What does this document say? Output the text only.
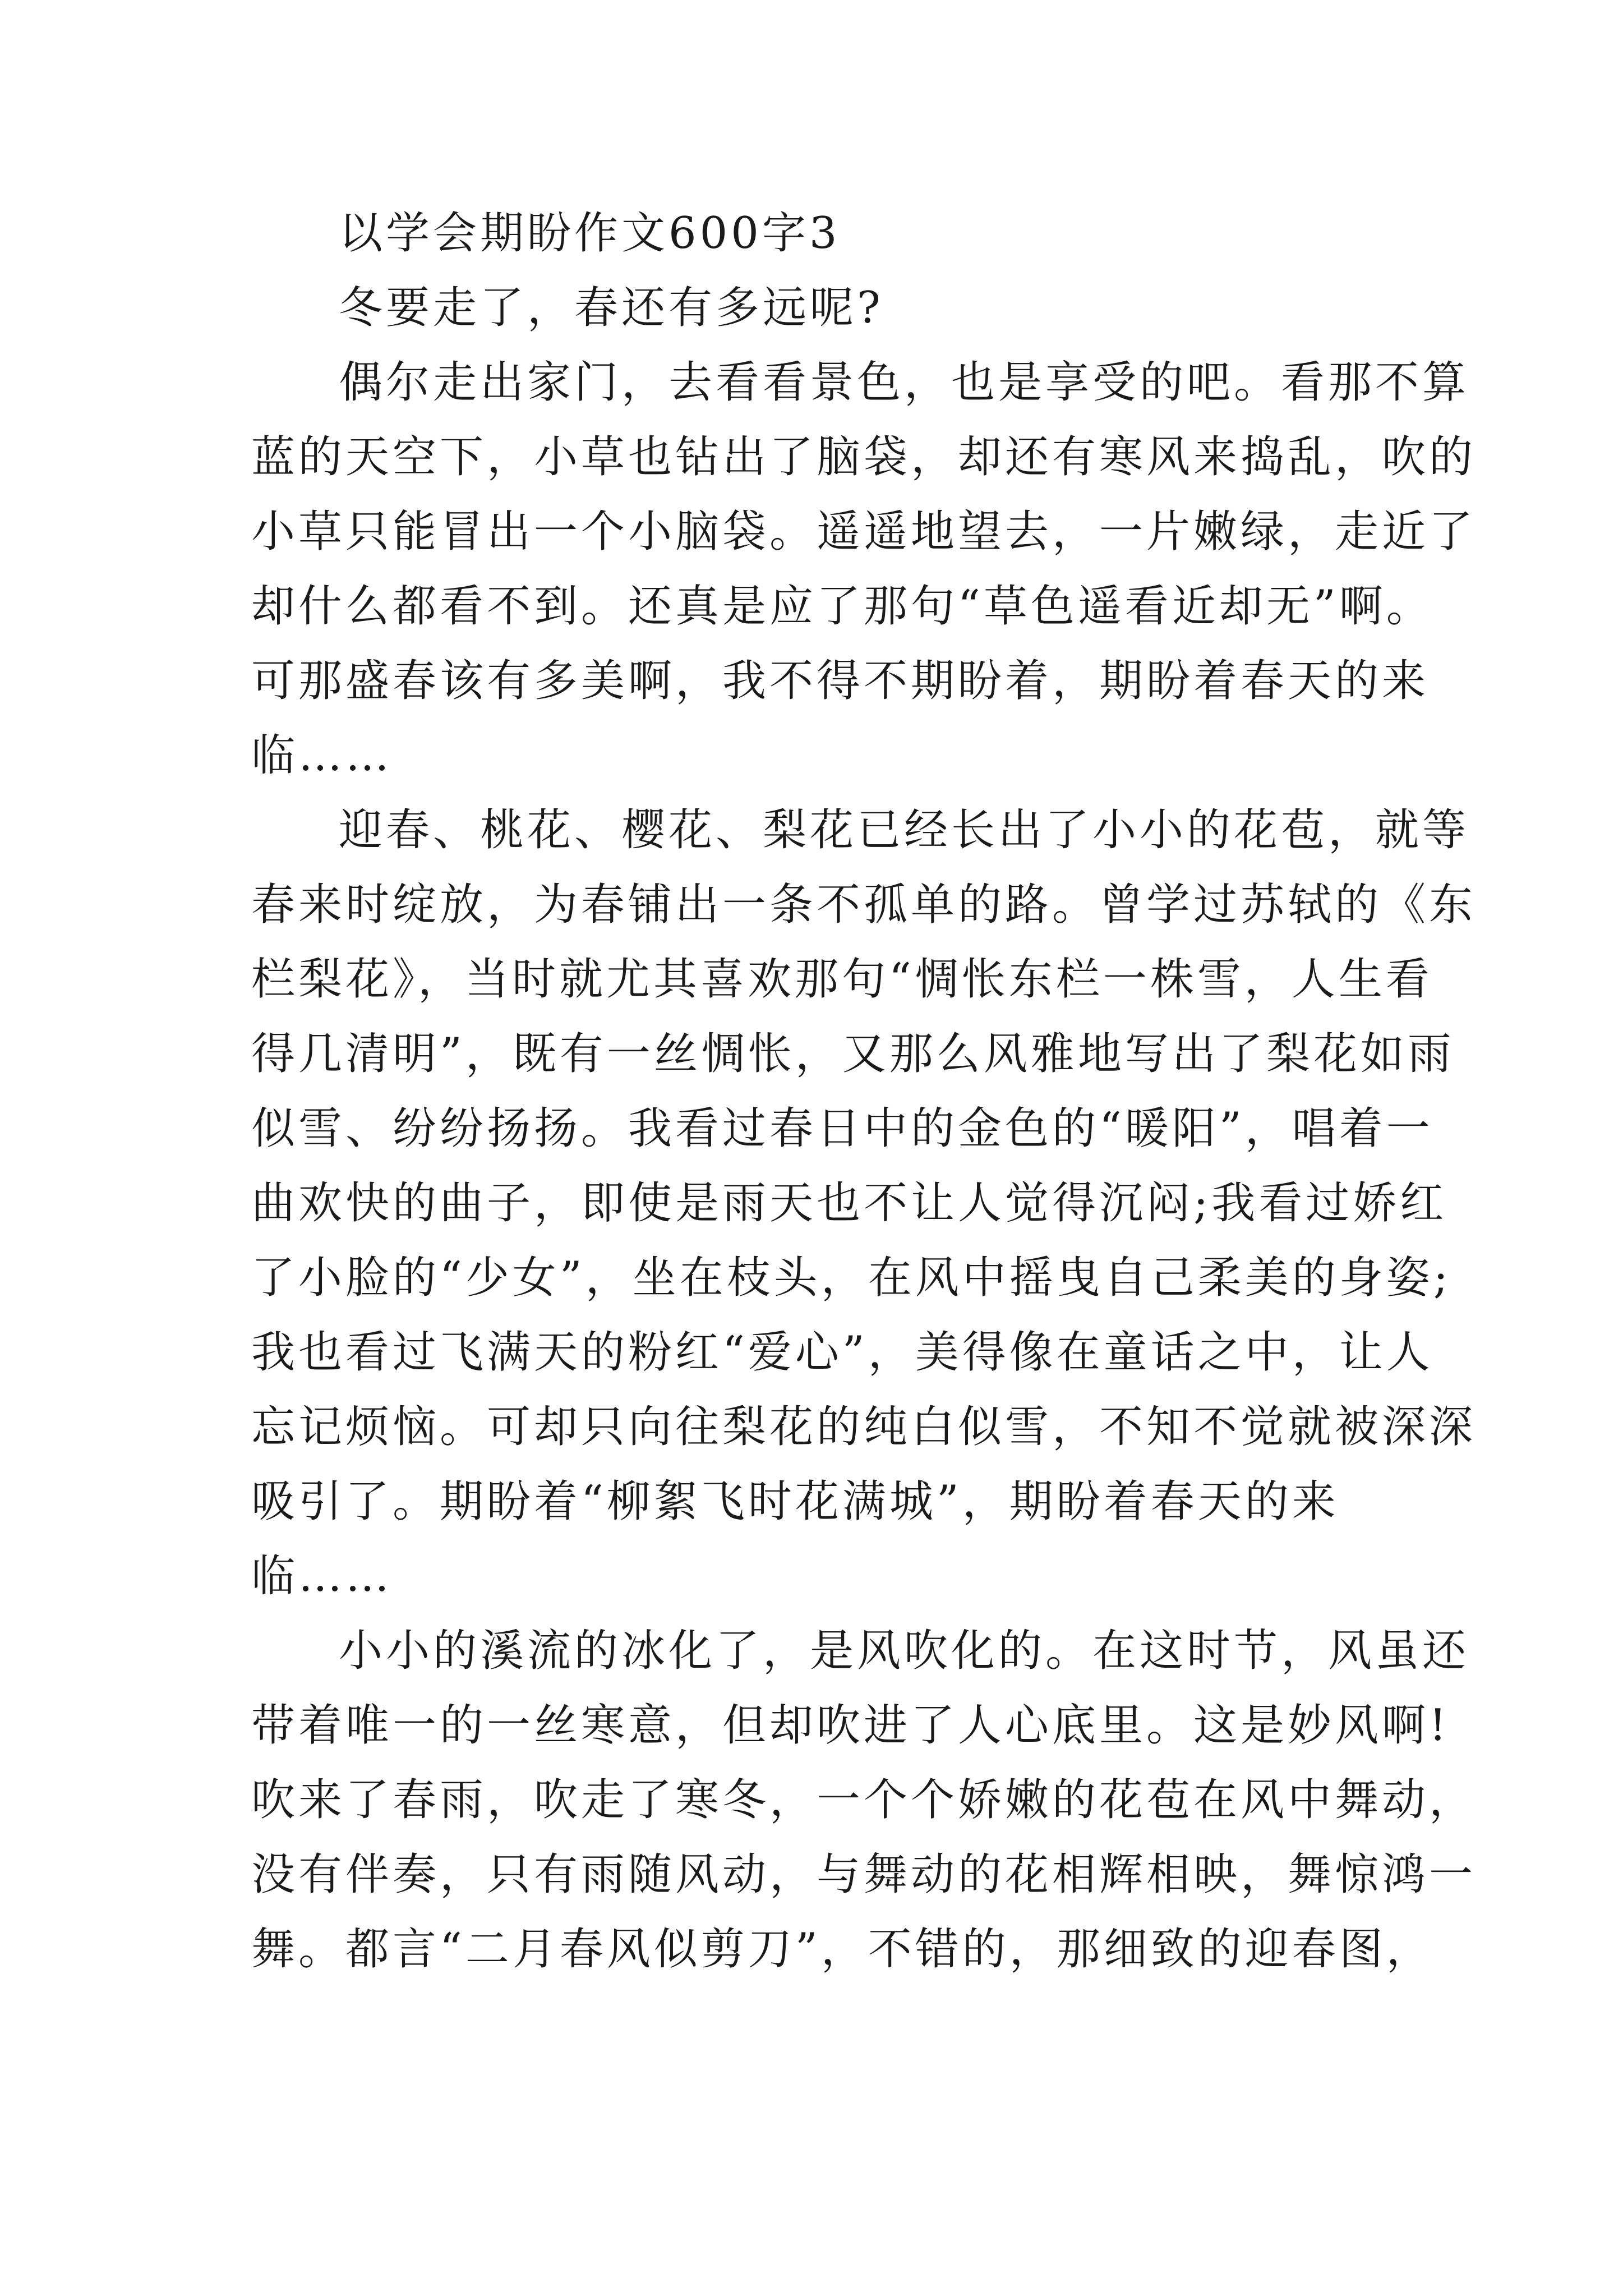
以学会期盼作文600字3
冬要走了，春还有多远呢?
偶尔走出家门，去看看景色，也是享受的吧。看那不算
蓝的天空下，小草也钻出了脑袋，却还有寒风来捣乱，吹的
小草只能冒出一个小脑袋。遥遥地望去，一片嫩绿，走近了
却什么都看不到。还真是应了那句“草色遥看近却无”啊。
可那盛春该有多美啊，我不得不期盼着，期盼着春天的来
临……
迎春、桃花、樱花、梨花已经长出了小小的花苞，就等
春来时绽放，为春铺出一条不孤单的路。曾学过苏轼的《东
栏梨花》，当时就尤其喜欢那句“惆怅东栏一株雪，人生看
得几清明”，既有一丝惆怅，又那么风雅地写出了梨花如雨
似雪、纷纷扬扬。我看过春日中的金色的“暖阳”，唱着一
曲欢快的曲子，即使是雨天也不让人觉得沉闷;我看过娇红
了小脸的“少女”，坐在枝头，在风中摇曳自己柔美的身姿;
我也看过飞满天的粉红“爱心”，美得像在童话之中，让人
忘记烦恼。可却只向往梨花的纯白似雪，不知不觉就被深深
吸引了。期盼着“柳絮飞时花满城”，期盼着春天的来
临……
小小的溪流的冰化了，是风吹化的。在这时节，风虽还
带着唯一的一丝寒意，但却吹进了人心底里。这是妙风啊!
吹来了春雨，吹走了寒冬，一个个娇嫩的花苞在风中舞动，
没有伴奏，只有雨随风动，与舞动的花相辉相映，舞惊鸿一
舞。都言“二月春风似剪刀”，不错的，那细致的迎春图，
